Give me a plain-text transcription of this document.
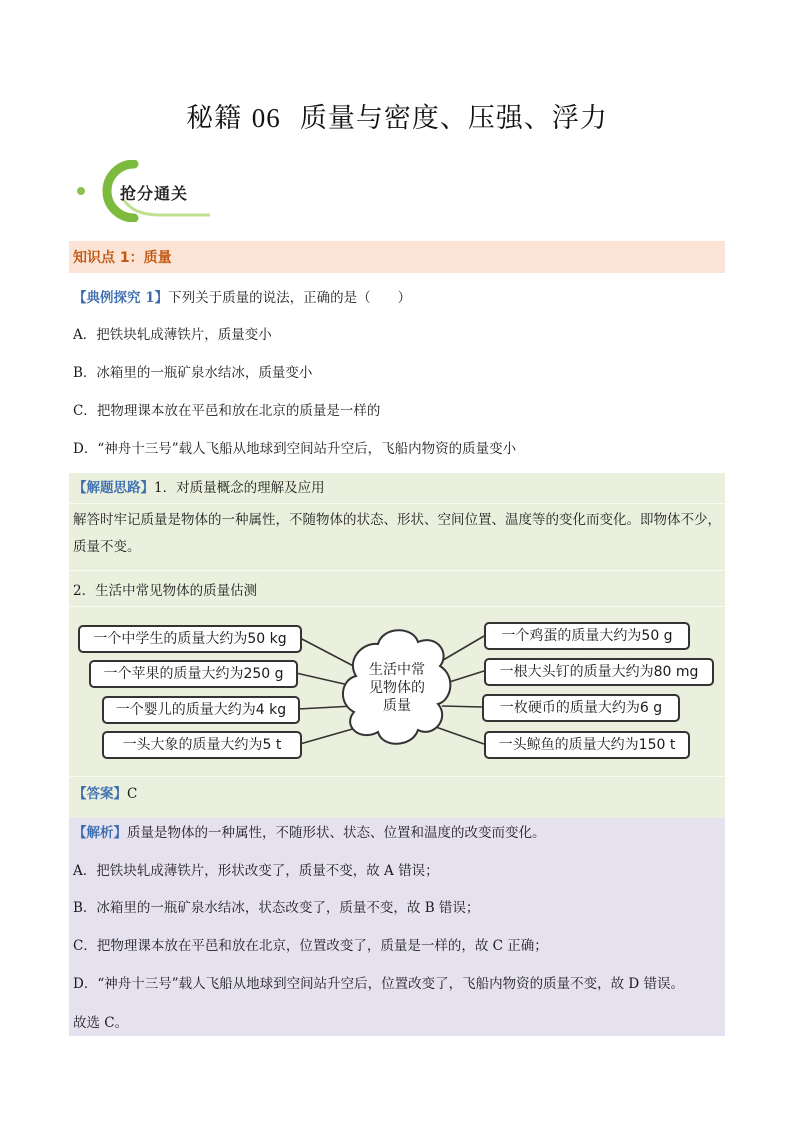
秘籍 06 质量与密度、压强、浮力
抢分通关
知识点 1：质量
【典例探究 1】下列关于质量的说法，正确的是（　　）
A．把铁块轧成薄铁片，质量变小
B．冰箱里的一瓶矿泉水结冰，质量变小
C．把物理课本放在平邑和放在北京的质量是一样的
D．“神舟十三号”载人飞船从地球到空间站升空后，飞船内物资的质量变小
【解题思路】1．对质量概念的理解及应用
解答时牢记质量是物体的一种属性，不随物体的状态、形状、空间位置、温度等的变化而变化。即物体不少，质量不变。
2．生活中常见物体的质量估测
生活中常
见物体的
质量
一个中学生的质量大约为50 kg
一个苹果的质量大约为250 g
一个婴儿的质量大约为4 kg
一头大象的质量大约为5 t
一个鸡蛋的质量大约为50 g
一根大头钉的质量大约为80 mg
一枚硬币的质量大约为6 g
一头鲸鱼的质量大约为150 t
【答案】C
【解析】质量是物体的一种属性，不随形状、状态、位置和温度的改变而变化。
A．把铁块轧成薄铁片，形状改变了，质量不变，故 A 错误；
B．冰箱里的一瓶矿泉水结冰，状态改变了，质量不变，故 B 错误；
C．把物理课本放在平邑和放在北京，位置改变了，质量是一样的，故 C 正确；
D．“神舟十三号”载人飞船从地球到空间站升空后，位置改变了，飞船内物资的质量不变，故 D 错误。
故选 C。
